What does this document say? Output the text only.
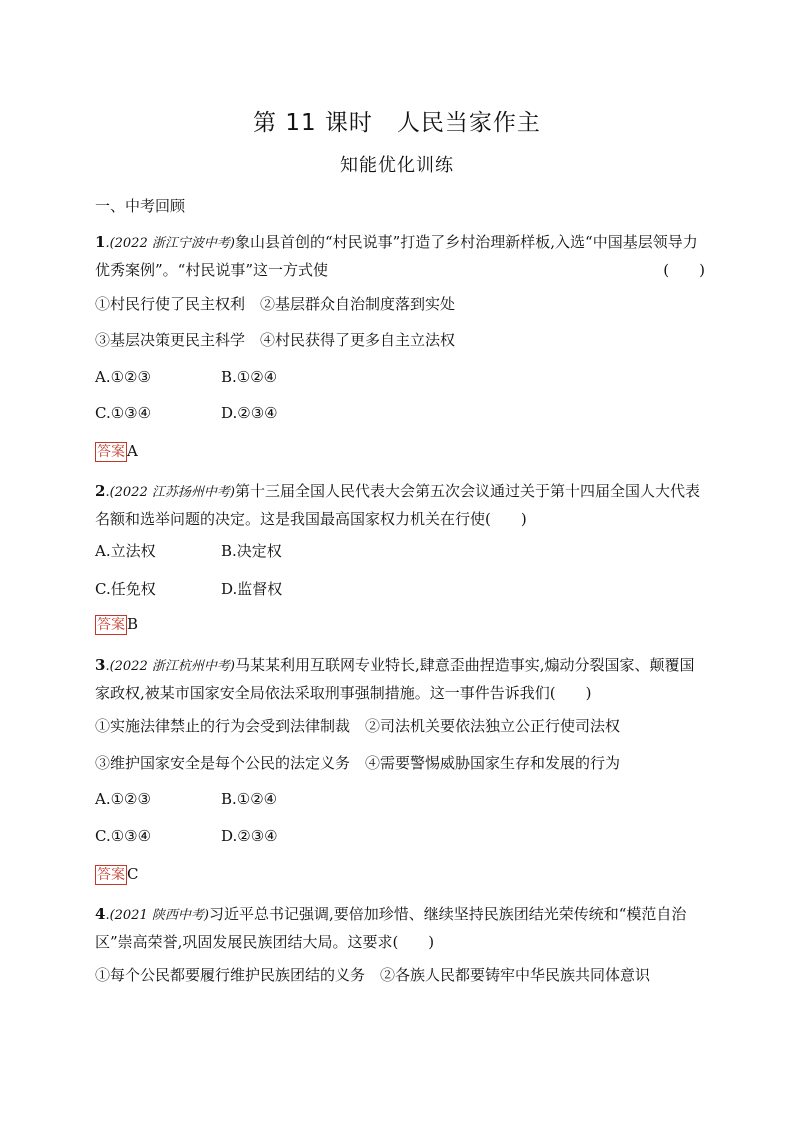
第 11 课时　人民当家作主
知能优化训练
一、中考回顾
1.(2022 浙江宁波中考)象山县首创的“村民说事”打造了乡村治理新样板,入选“中国基层领导力优秀案例”。“村民说事”这一方式使	(　　)
①村民行使了民主权利　②基层群众自治制度落到实处
③基层决策更民主科学　④村民获得了更多自主立法权
A.①②③	B.①②④
C.①③④	D.②③④
答案 A
2.(2022 江苏扬州中考)第十三届全国人民代表大会第五次会议通过关于第十四届全国人大代表名额和选举问题的决定。这是我国最高国家权力机关在行使(　　)
A.立法权	B.决定权
C.任免权	D.监督权
答案 B
3.(2022 浙江杭州中考)马某某利用互联网专业特长,肆意歪曲捏造事实,煽动分裂国家、颠覆国家政权,被某市国家安全局依法采取刑事强制措施。这一事件告诉我们(　　)
①实施法律禁止的行为会受到法律制裁　②司法机关要依法独立公正行使司法权
③维护国家安全是每个公民的法定义务　④需要警惕威胁国家生存和发展的行为
A.①②③	B.①②④
C.①③④	D.②③④
答案 C
4.(2021 陕西中考)习近平总书记强调,要倍加珍惜、继续坚持民族团结光荣传统和“模范自治区”崇高荣誉,巩固发展民族团结大局。这要求(　　)
①每个公民都要履行维护民族团结的义务　②各族人民都要铸牢中华民族共同体意识
